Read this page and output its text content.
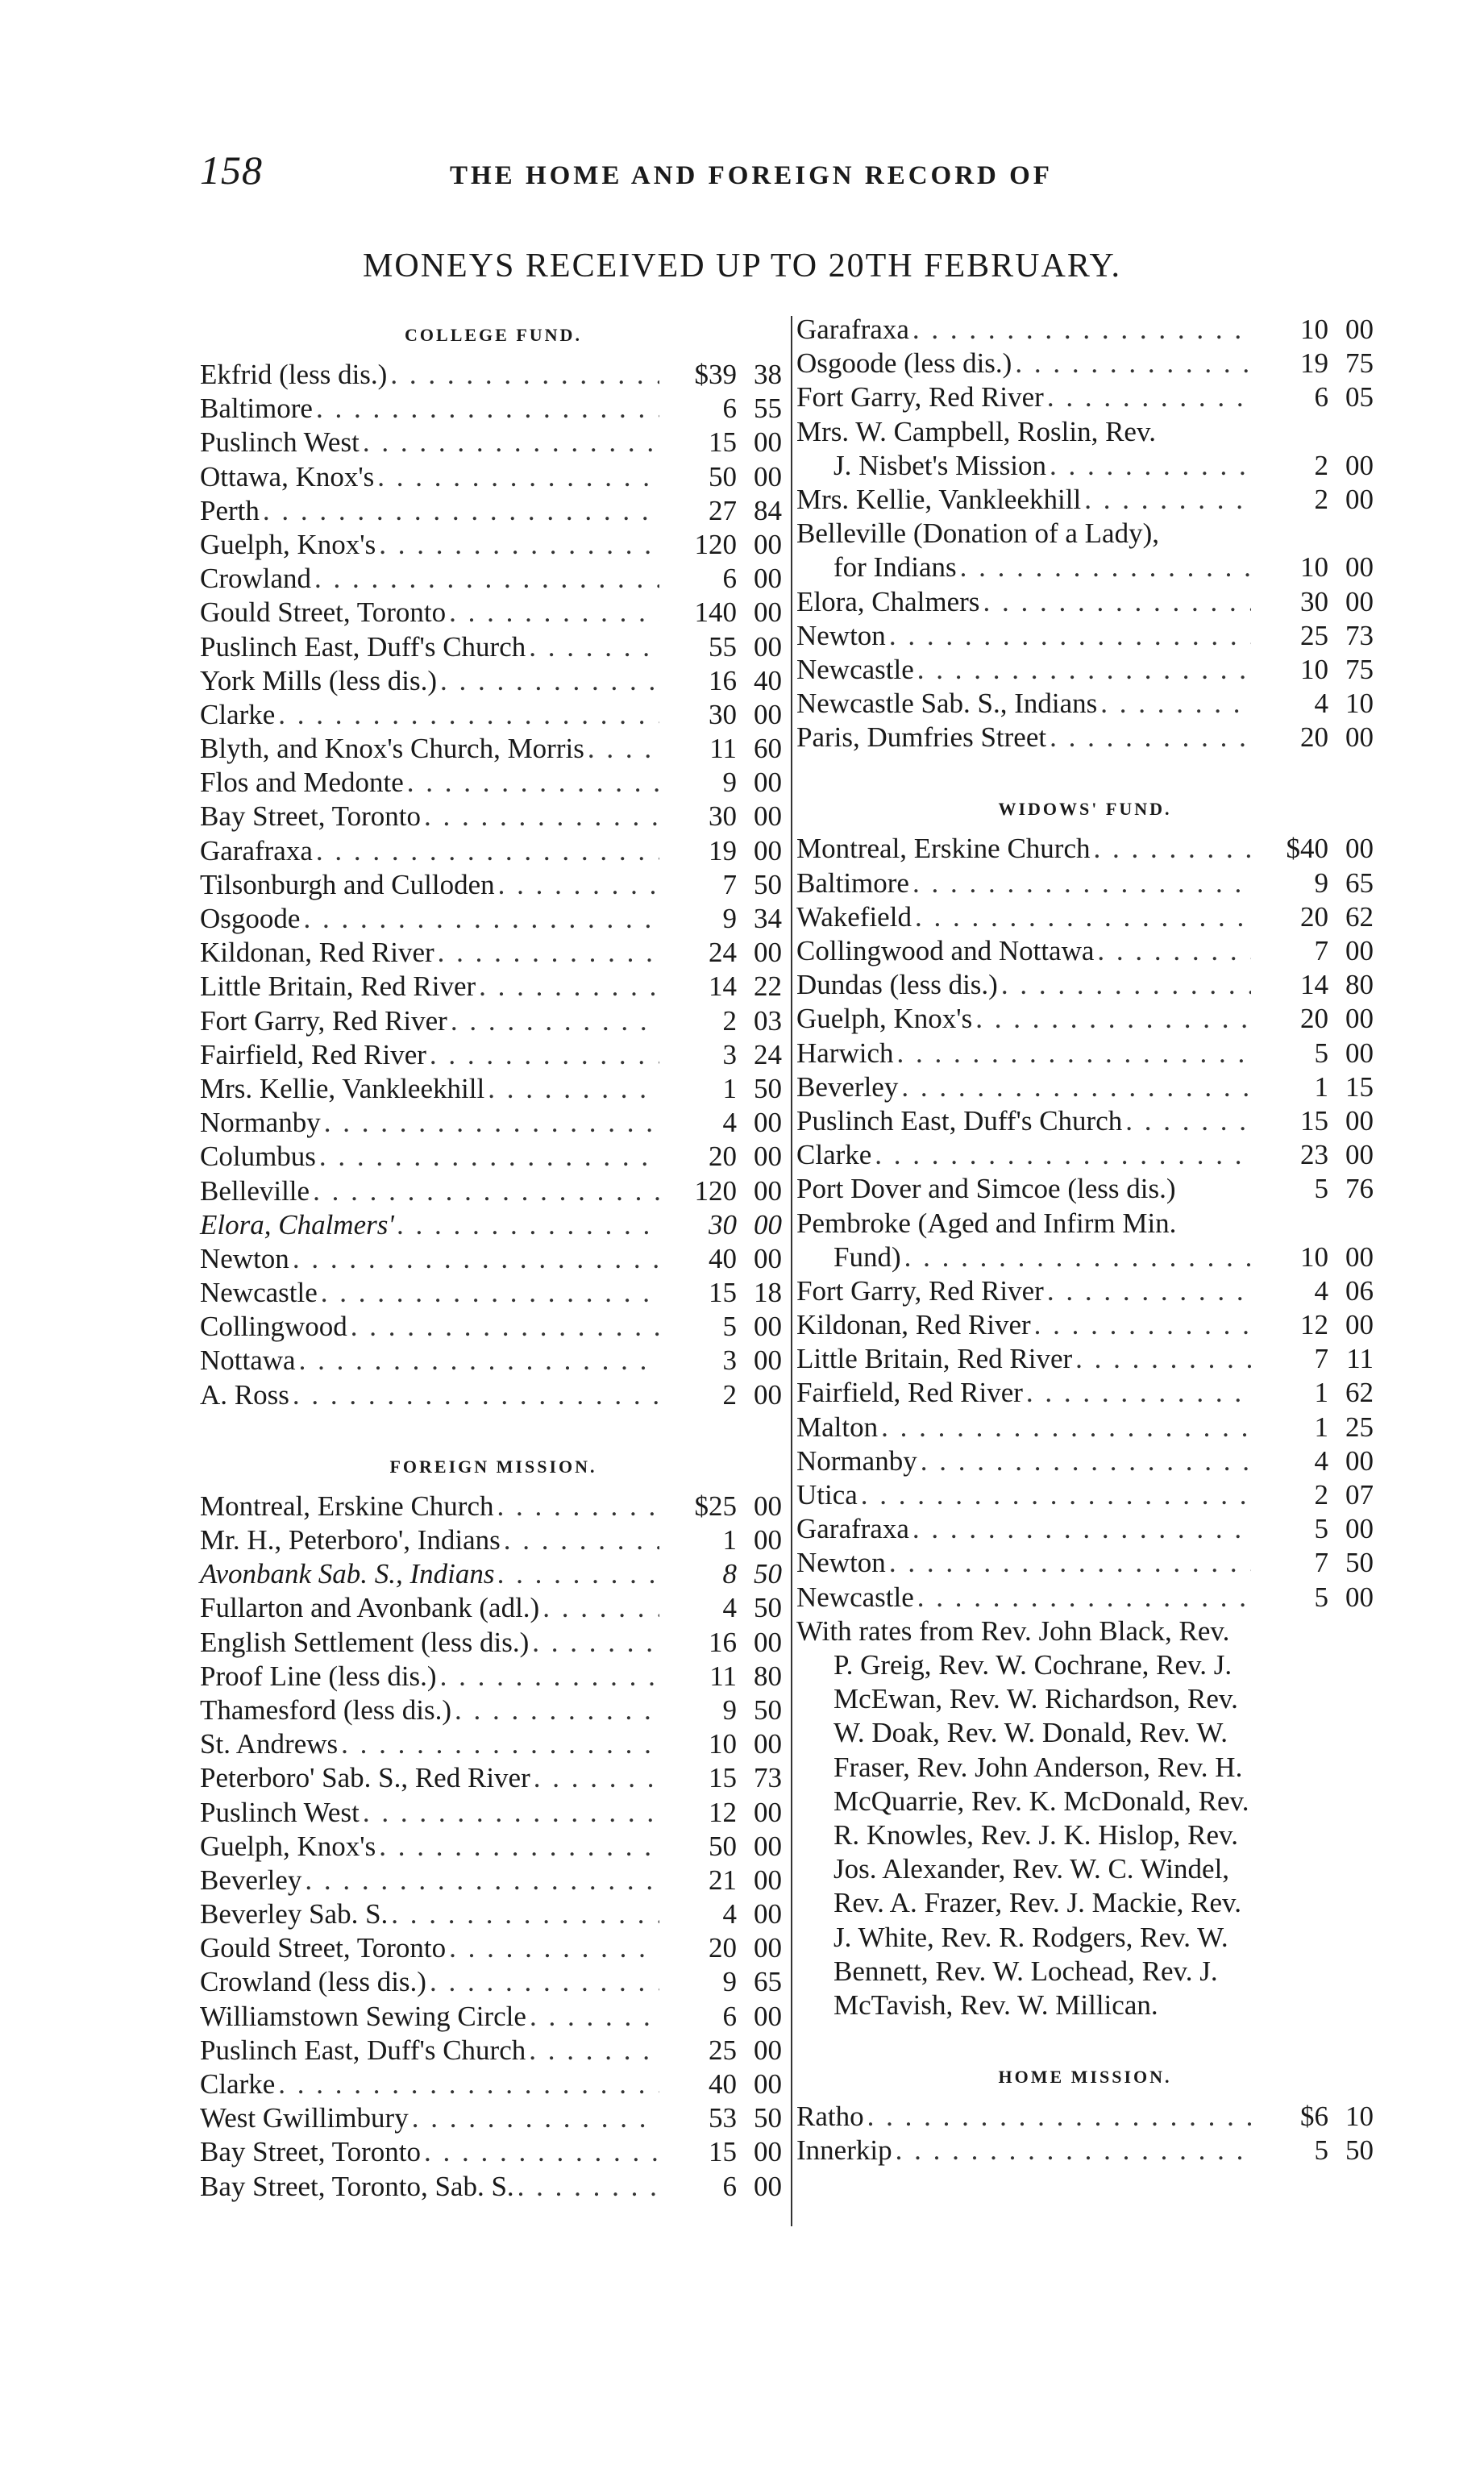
158	THE HOME AND FOREIGN RECORD OF
MONEYS RECEIVED UP TO 20TH FEBRUARY.
COLLEGE FUND.
Ekfrid (less dis.) . . .	$39 38
Baltimore . . .	6 55
Puslinch West . . .	15 00
Ottawa, Knox's . . .	50 00
Perth . . .	27 84
Guelph, Knox's . . .	120 00
Crowland . . .	6 00
Gould Street, Toronto . . .	140 00
Puslinch East, Duff's Church . . .	55 00
York Mills (less dis.) . . .	16 40
Clarke . . .	30 00
Blyth, and Knox's Church, Morris . . .	11 60
Flos and Medonte . . .	9 00
Bay Street, Toronto . . .	30 00
Garafraxa . . .	19 00
Tilsonburgh and Culloden . . .	7 50
Osgoode . . .	9 34
Kildonan, Red River . . .	24 00
Little Britain, Red River . . .	14 22
Fort Garry, Red River . . .	2 03
Fairfield, Red River . . .	3 24
Mrs. Kellie, Vankleekhill . . .	1 50
Normanby . . .	4 00
Columbus . . .	20 00
Belleville . . .	120 00
Elora, Chalmers' . . .	30 00
Newton . . .	40 00
Newcastle . . .	15 18
Collingwood . . .	5 00
Nottawa . . .	3 00
A. Ross . . .	2 00
FOREIGN MISSION.
Montreal, Erskine Church . . .	$25 00
Mr. H., Peterboro', Indians . . .	1 00
Avonbank Sab. S., Indians . . .	8 50
Fullarton and Avonbank (adl.) . . .	4 50
English Settlement (less dis.) . . .	16 00
Proof Line (less dis.) . . .	11 80
Thamesford (less dis.) . . .	9 50
St. Andrews . . .	10 00
Peterboro' Sab. S., Red River . . .	15 73
Puslinch West . . .	12 00
Guelph, Knox's . . .	50 00
Beverley . . .	21 00
Beverley Sab. S. . . .	4 00
Gould Street, Toronto . . .	20 00
Crowland (less dis.) . . .	9 65
Williamstown Sewing Circle . . .	6 00
Puslinch East, Duff's Church . . .	25 00
Clarke . . .	40 00
West Gwillimbury . . .	53 50
Bay Street, Toronto . . .	15 00
Bay Street, Toronto, Sab. S. . . .	6 00
Garafraxa . . .	10 00
Osgoode (less dis.) . . .	19 75
Fort Garry, Red River . . .	6 05
Mrs. W. Campbell, Roslin, Rev.
J. Nisbet's Mission . . .	2 00
Mrs. Kellie, Vankleekhill . . .	2 00
Belleville (Donation of a Lady),
for Indians . . .	10 00
Elora, Chalmers . . .	30 00
Newton . . .	25 73
Newcastle . . .	10 75
Newcastle Sab. S., Indians . . .	4 10
Paris, Dumfries Street . . .	20 00
WIDOWS' FUND.
Montreal, Erskine Church . . .	$40 00
Baltimore . . .	9 65
Wakefield . . .	20 62
Collingwood and Nottawa . . .	7 00
Dundas (less dis.) . . .	14 80
Guelph, Knox's . . .	20 00
Harwich . . .	5 00
Beverley . . .	1 15
Puslinch East, Duff's Church . . .	15 00
Clarke . . .	23 00
Port Dover and Simcoe (less dis.)	5 76
Pembroke (Aged and Infirm Min.
Fund) . . .	10 00
Fort Garry, Red River . . .	4 06
Kildonan, Red River . . .	12 00
Little Britain, Red River . . .	7 11
Fairfield, Red River . . .	1 62
Malton . . .	1 25
Normanby . . .	4 00
Utica . . .	2 07
Garafraxa . . .	5 00
Newton . . .	7 50
Newcastle . . .	5 00
With rates from Rev. John Black, Rev.
P. Greig, Rev. W. Cochrane, Rev. J.
McEwan, Rev. W. Richardson, Rev.
W. Doak, Rev. W. Donald, Rev. W.
Fraser, Rev. John Anderson, Rev. H.
McQuarrie, Rev. K. McDonald, Rev.
R. Knowles, Rev. J. K. Hislop, Rev.
Jos. Alexander, Rev. W. C. Windel,
Rev. A. Frazer, Rev. J. Mackie, Rev.
J. White, Rev. R. Rodgers, Rev. W.
Bennett, Rev. W. Lochead, Rev. J.
McTavish, Rev. W. Millican.
HOME MISSION.
Ratho . . .	$6 10
Innerkip . . .	5 50
